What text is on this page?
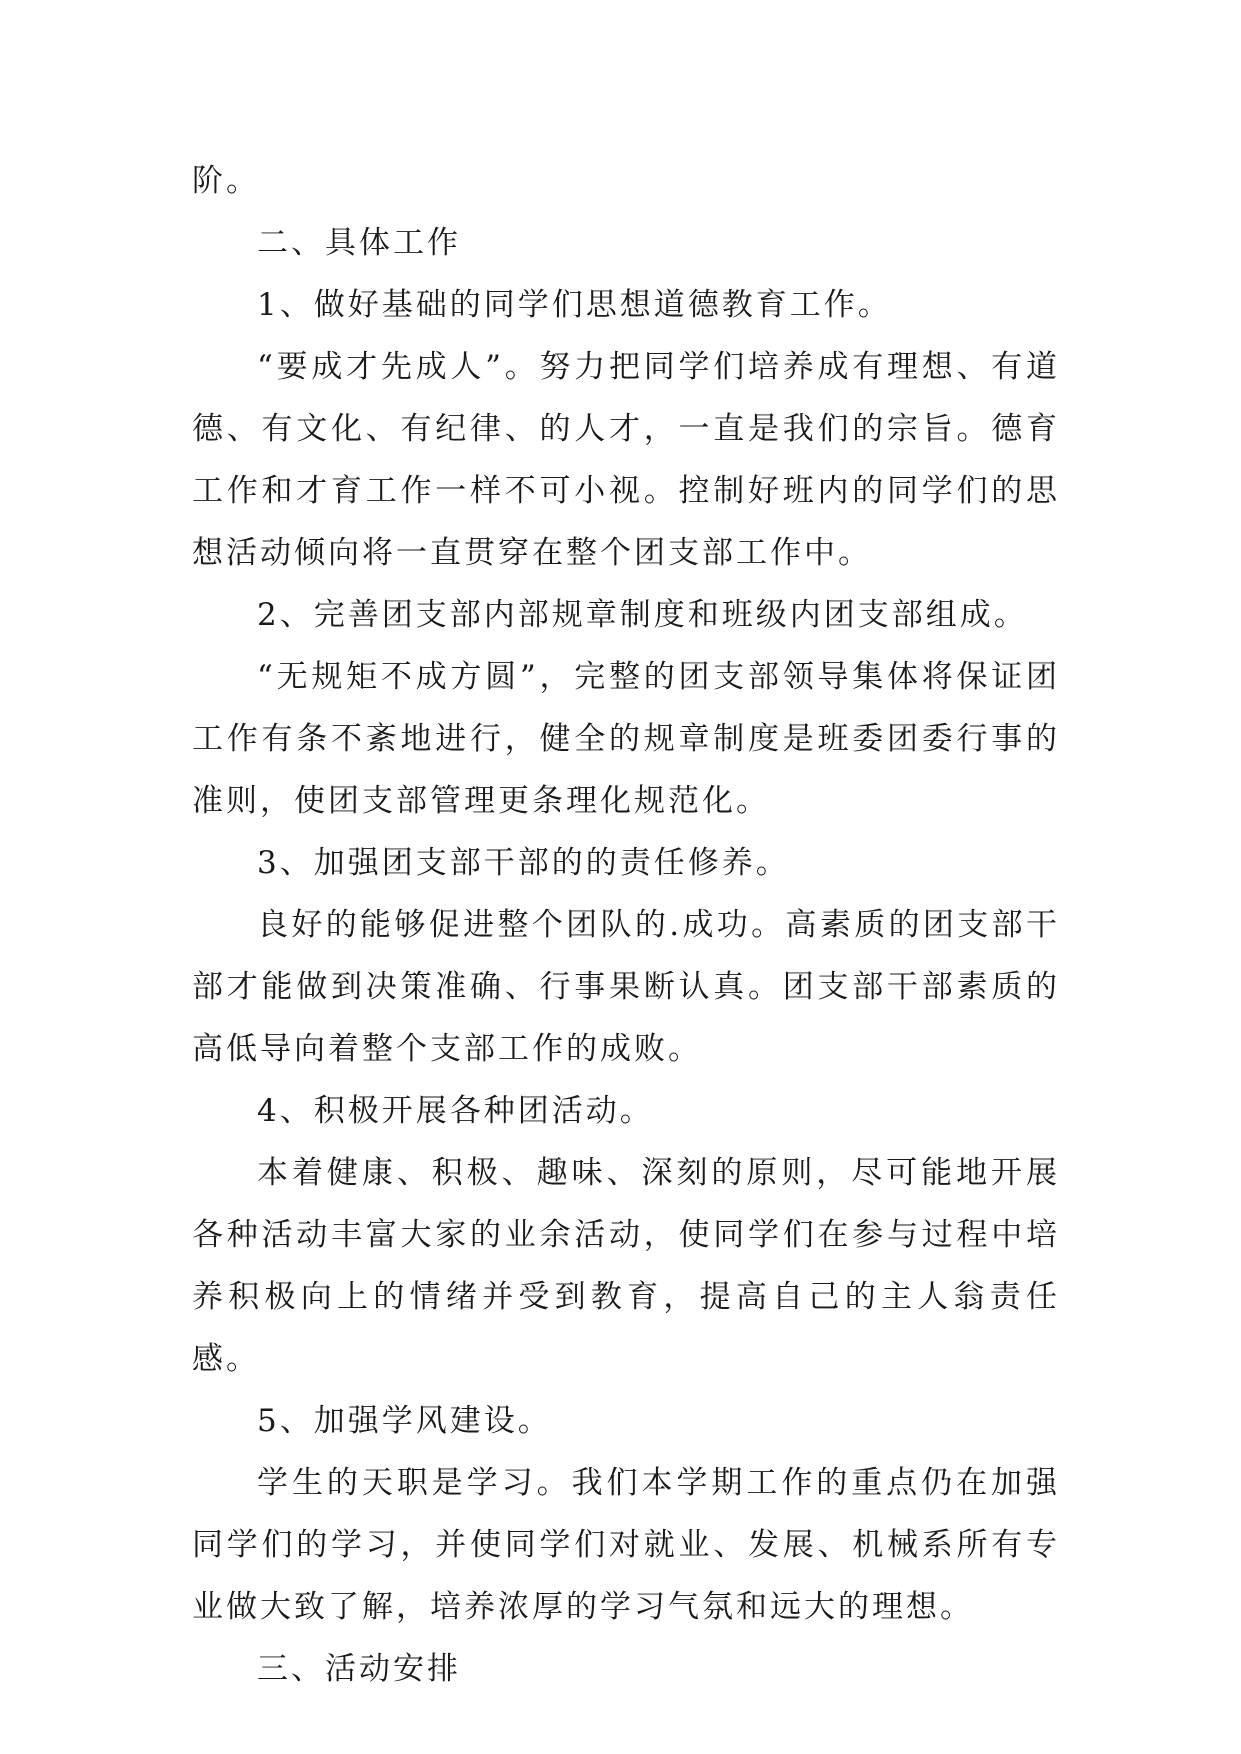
阶。

二、具体工作

1、做好基础的同学们思想道德教育工作。

“要成才先成人”。努力把同学们培养成有理想、有道德、有文化、有纪律、的人才，一直是我们的宗旨。德育工作和才育工作一样不可小视。控制好班内的同学们的思想活动倾向将一直贯穿在整个团支部工作中。

2、完善团支部内部规章制度和班级内团支部组成。

“无规矩不成方圆”，完整的团支部领导集体将保证团工作有条不紊地进行，健全的规章制度是班委团委行事的准则，使团支部管理更条理化规范化。

3、加强团支部干部的的责任修养。

良好的能够促进整个团队的.成功。高素质的团支部干部才能做到决策准确、行事果断认真。团支部干部素质的高低导向着整个支部工作的成败。

4、积极开展各种团活动。

本着健康、积极、趣味、深刻的原则，尽可能地开展各种活动丰富大家的业余活动，使同学们在参与过程中培养积极向上的情绪并受到教育，提高自己的主人翁责任感。

5、加强学风建设。

学生的天职是学习。我们本学期工作的重点仍在加强同学们的学习，并使同学们对就业、发展、机械系所有专业做大致了解，培养浓厚的学习气氛和远大的理想。

三、活动安排
